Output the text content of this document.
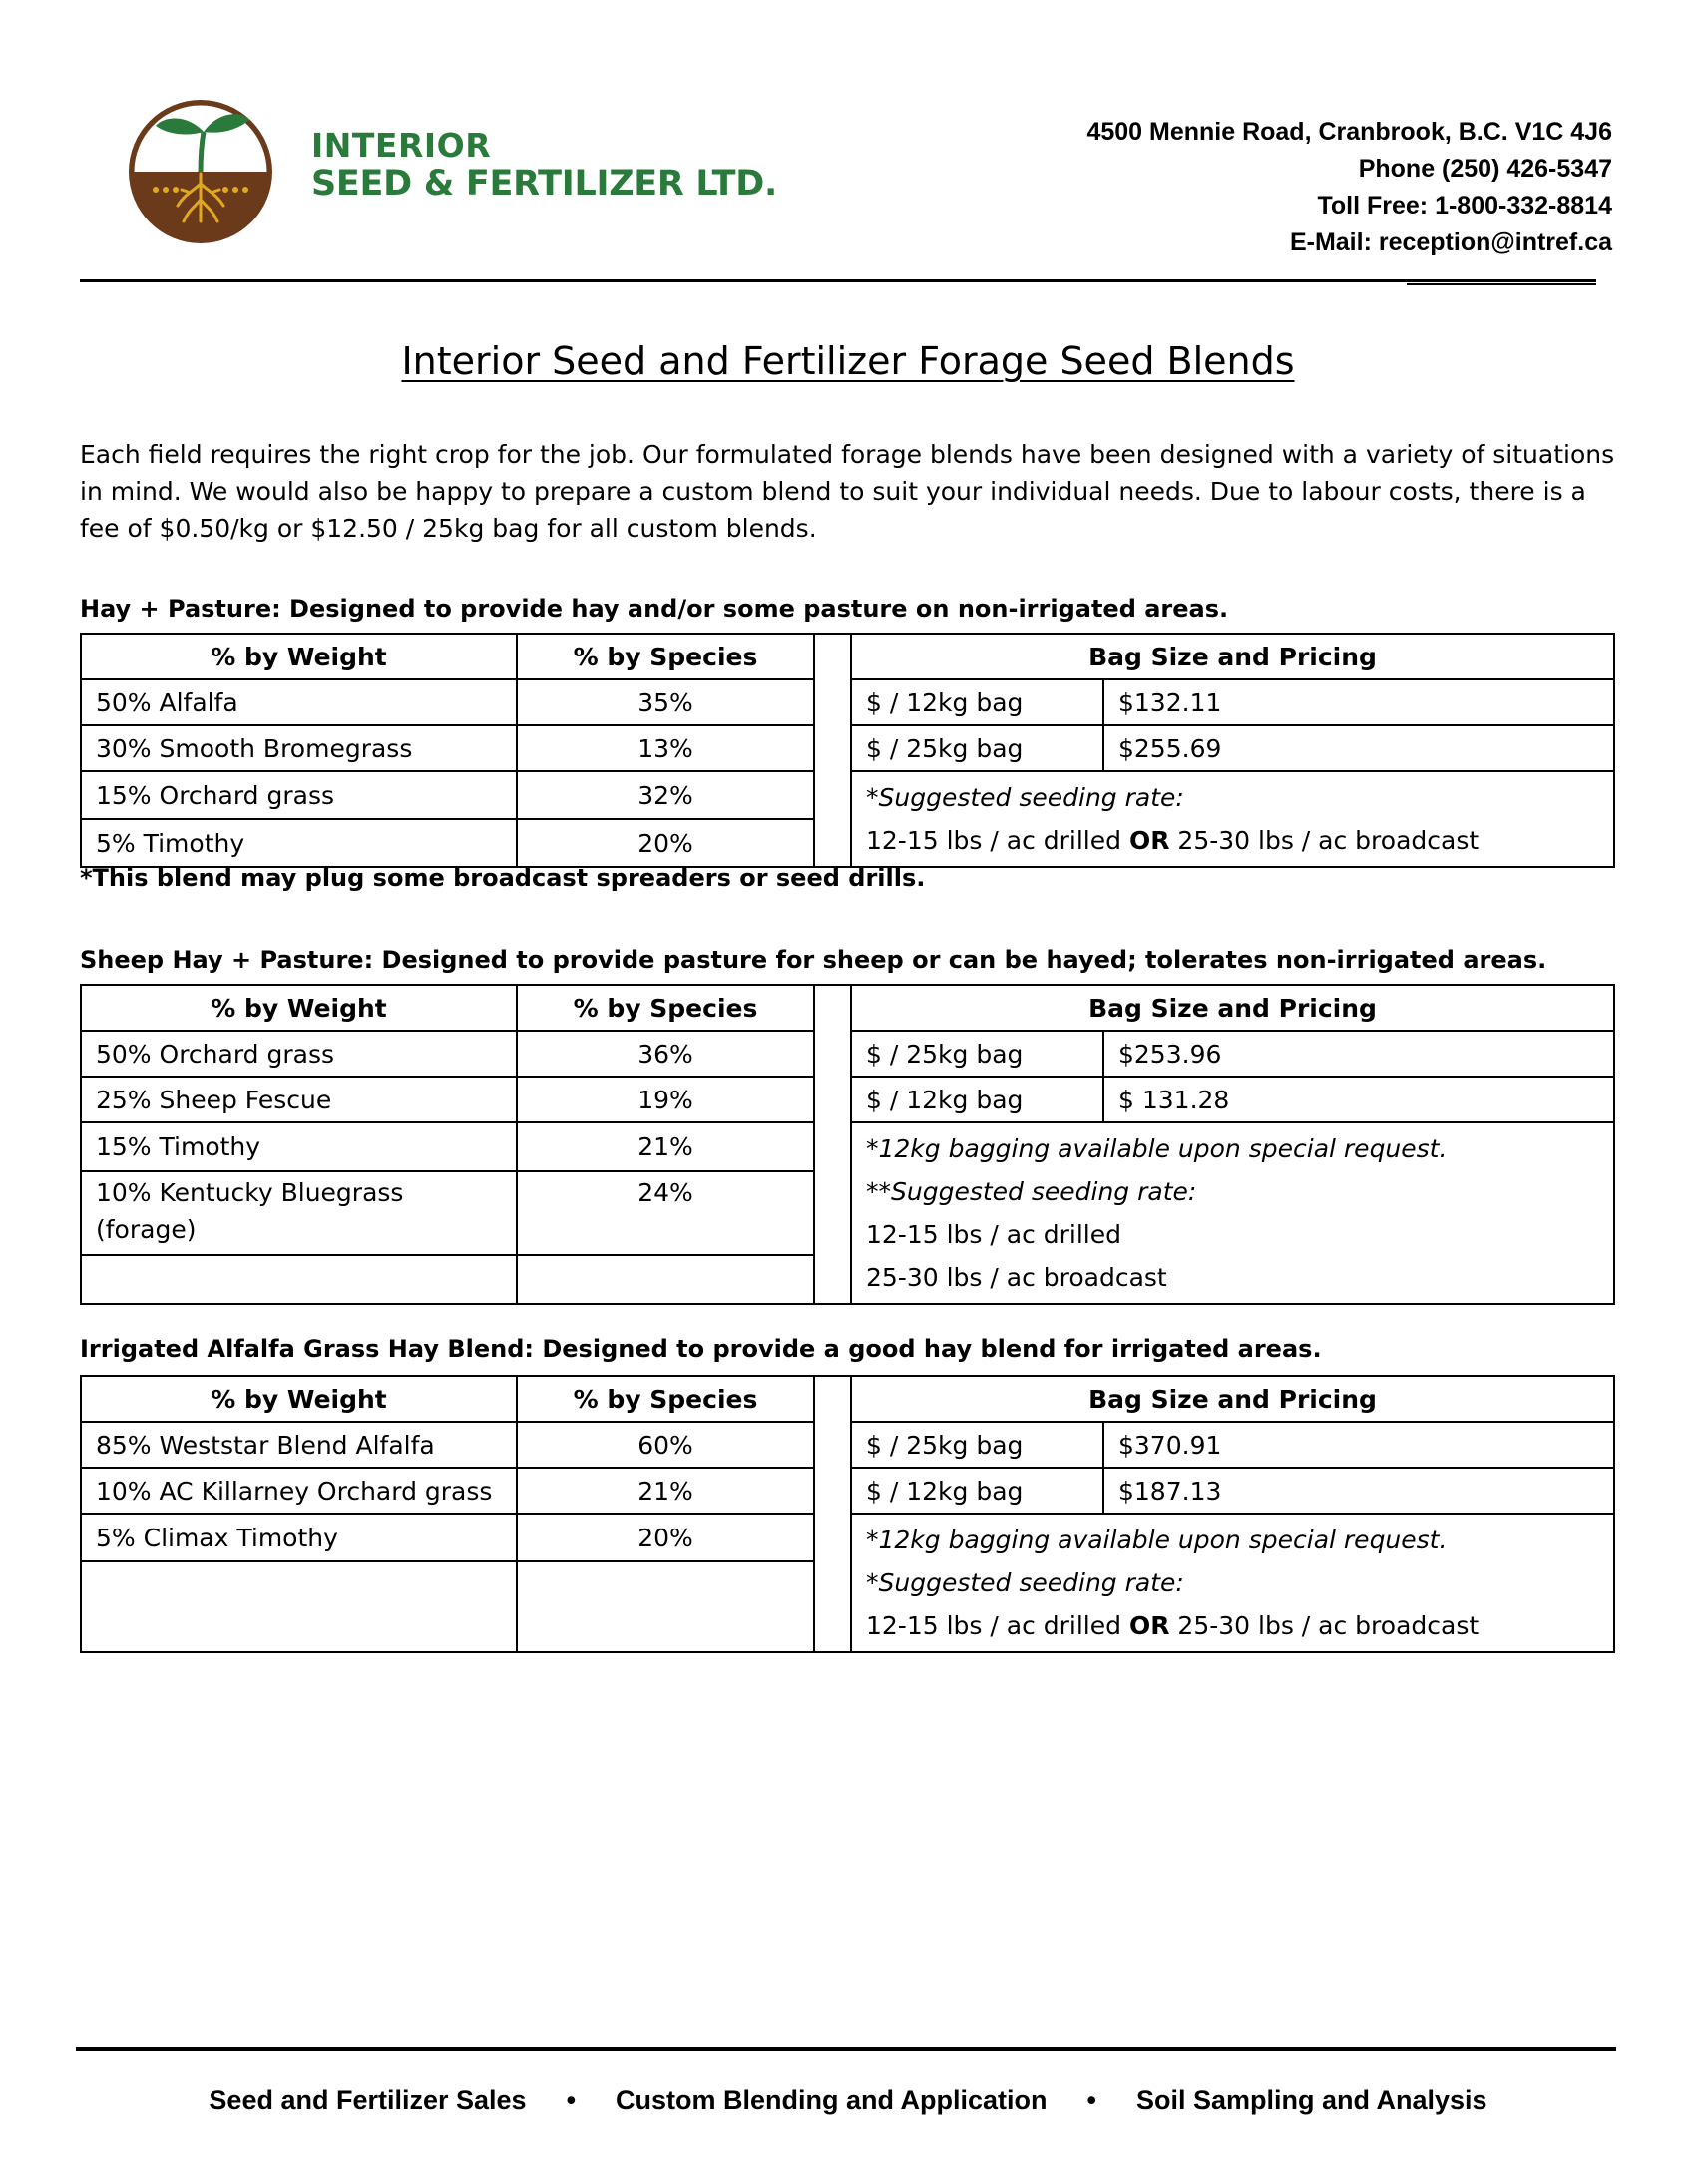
INTERIOR
SEED & FERTILIZER LTD.
4500 Mennie Road, Cranbrook, B.C. V1C 4J6
Phone (250) 426-5347
Toll Free: 1-800-332-8814
E-Mail: reception@intref.ca
Interior Seed and Fertilizer Forage Seed Blends
Each field requires the right crop for the job. Our formulated forage blends have been designed with a variety of situations in mind. We would also be happy to prepare a custom blend to suit your individual needs. Due to labour costs, there is a fee of $0.50/kg or $12.50 / 25kg bag for all custom blends.
Hay + Pasture: Designed to provide hay and/or some pasture on non-irrigated areas.
% by Weight	% by Species		Bag Size and Pricing	
50% Alfalfa	35%		$ / 12kg bag	$132.11
30% Smooth Bromegrass	13%		$ / 25kg bag	$255.69
15% Orchard grass	32%		*Suggested seeding rate:
12-15 lbs / ac drilled OR 25-30 lbs / ac broadcast	

5% Timothy	20%			
*This blend may plug some broadcast spreaders or seed drills.
Sheep Hay + Pasture: Designed to provide pasture for sheep or can be hayed; tolerates non-irrigated areas.
% by Weight	% by Species		Bag Size and Pricing	
50% Orchard grass	36%		$ / 25kg bag	$253.96
25% Sheep Fescue	19%		$ / 12kg bag	$ 131.28
15% Timothy	21%		*12kg bagging available upon special request.
**Suggested seeding rate:
12-15 lbs / ac drilled
25-30 lbs / ac broadcast	

10% Kentucky Bluegrass
(forage)	24%			

Irrigated Alfalfa Grass Hay Blend: Designed to provide a good hay blend for irrigated areas.
% by Weight	% by Species		Bag Size and Pricing	
85% Weststar Blend Alfalfa	60%		$ / 25kg bag	$370.91
10% AC Killarney Orchard grass	21%		$ / 12kg bag	$187.13
5% Climax Timothy	20%		*12kg bagging available upon special request.
*Suggested seeding rate:
12-15 lbs / ac drilled OR 25-30 lbs / ac broadcast	

Seed and Fertilizer Sales • Custom Blending and Application • Soil Sampling and Analysis
